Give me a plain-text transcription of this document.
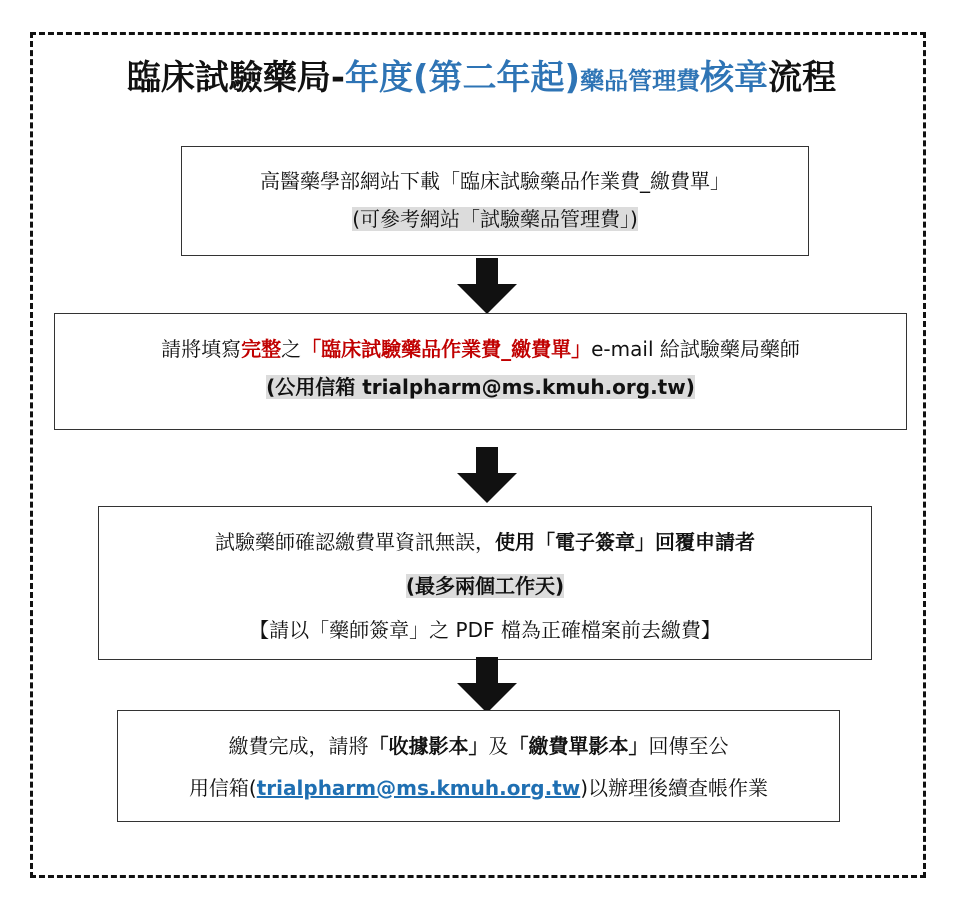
臨床試驗藥局-年度(第二年起)藥品管理費核章流程
高醫藥學部網站下載「臨床試驗藥品作業費_繳費單」
(可參考網站「試驗藥品管理費」)
請將填寫完整之「臨床試驗藥品作業費_繳費單」e-mail 給試驗藥局藥師
(公用信箱 trialpharm@ms.kmuh.org.tw)
試驗藥師確認繳費單資訊無誤，使用「電子簽章」回覆申請者
(最多兩個工作天)
【請以「藥師簽章」之 PDF 檔為正確檔案前去繳費】
繳費完成，請將「收據影本」及「繳費單影本」回傳至公
用信箱(trialpharm@ms.kmuh.org.tw)以辦理後續查帳作業
